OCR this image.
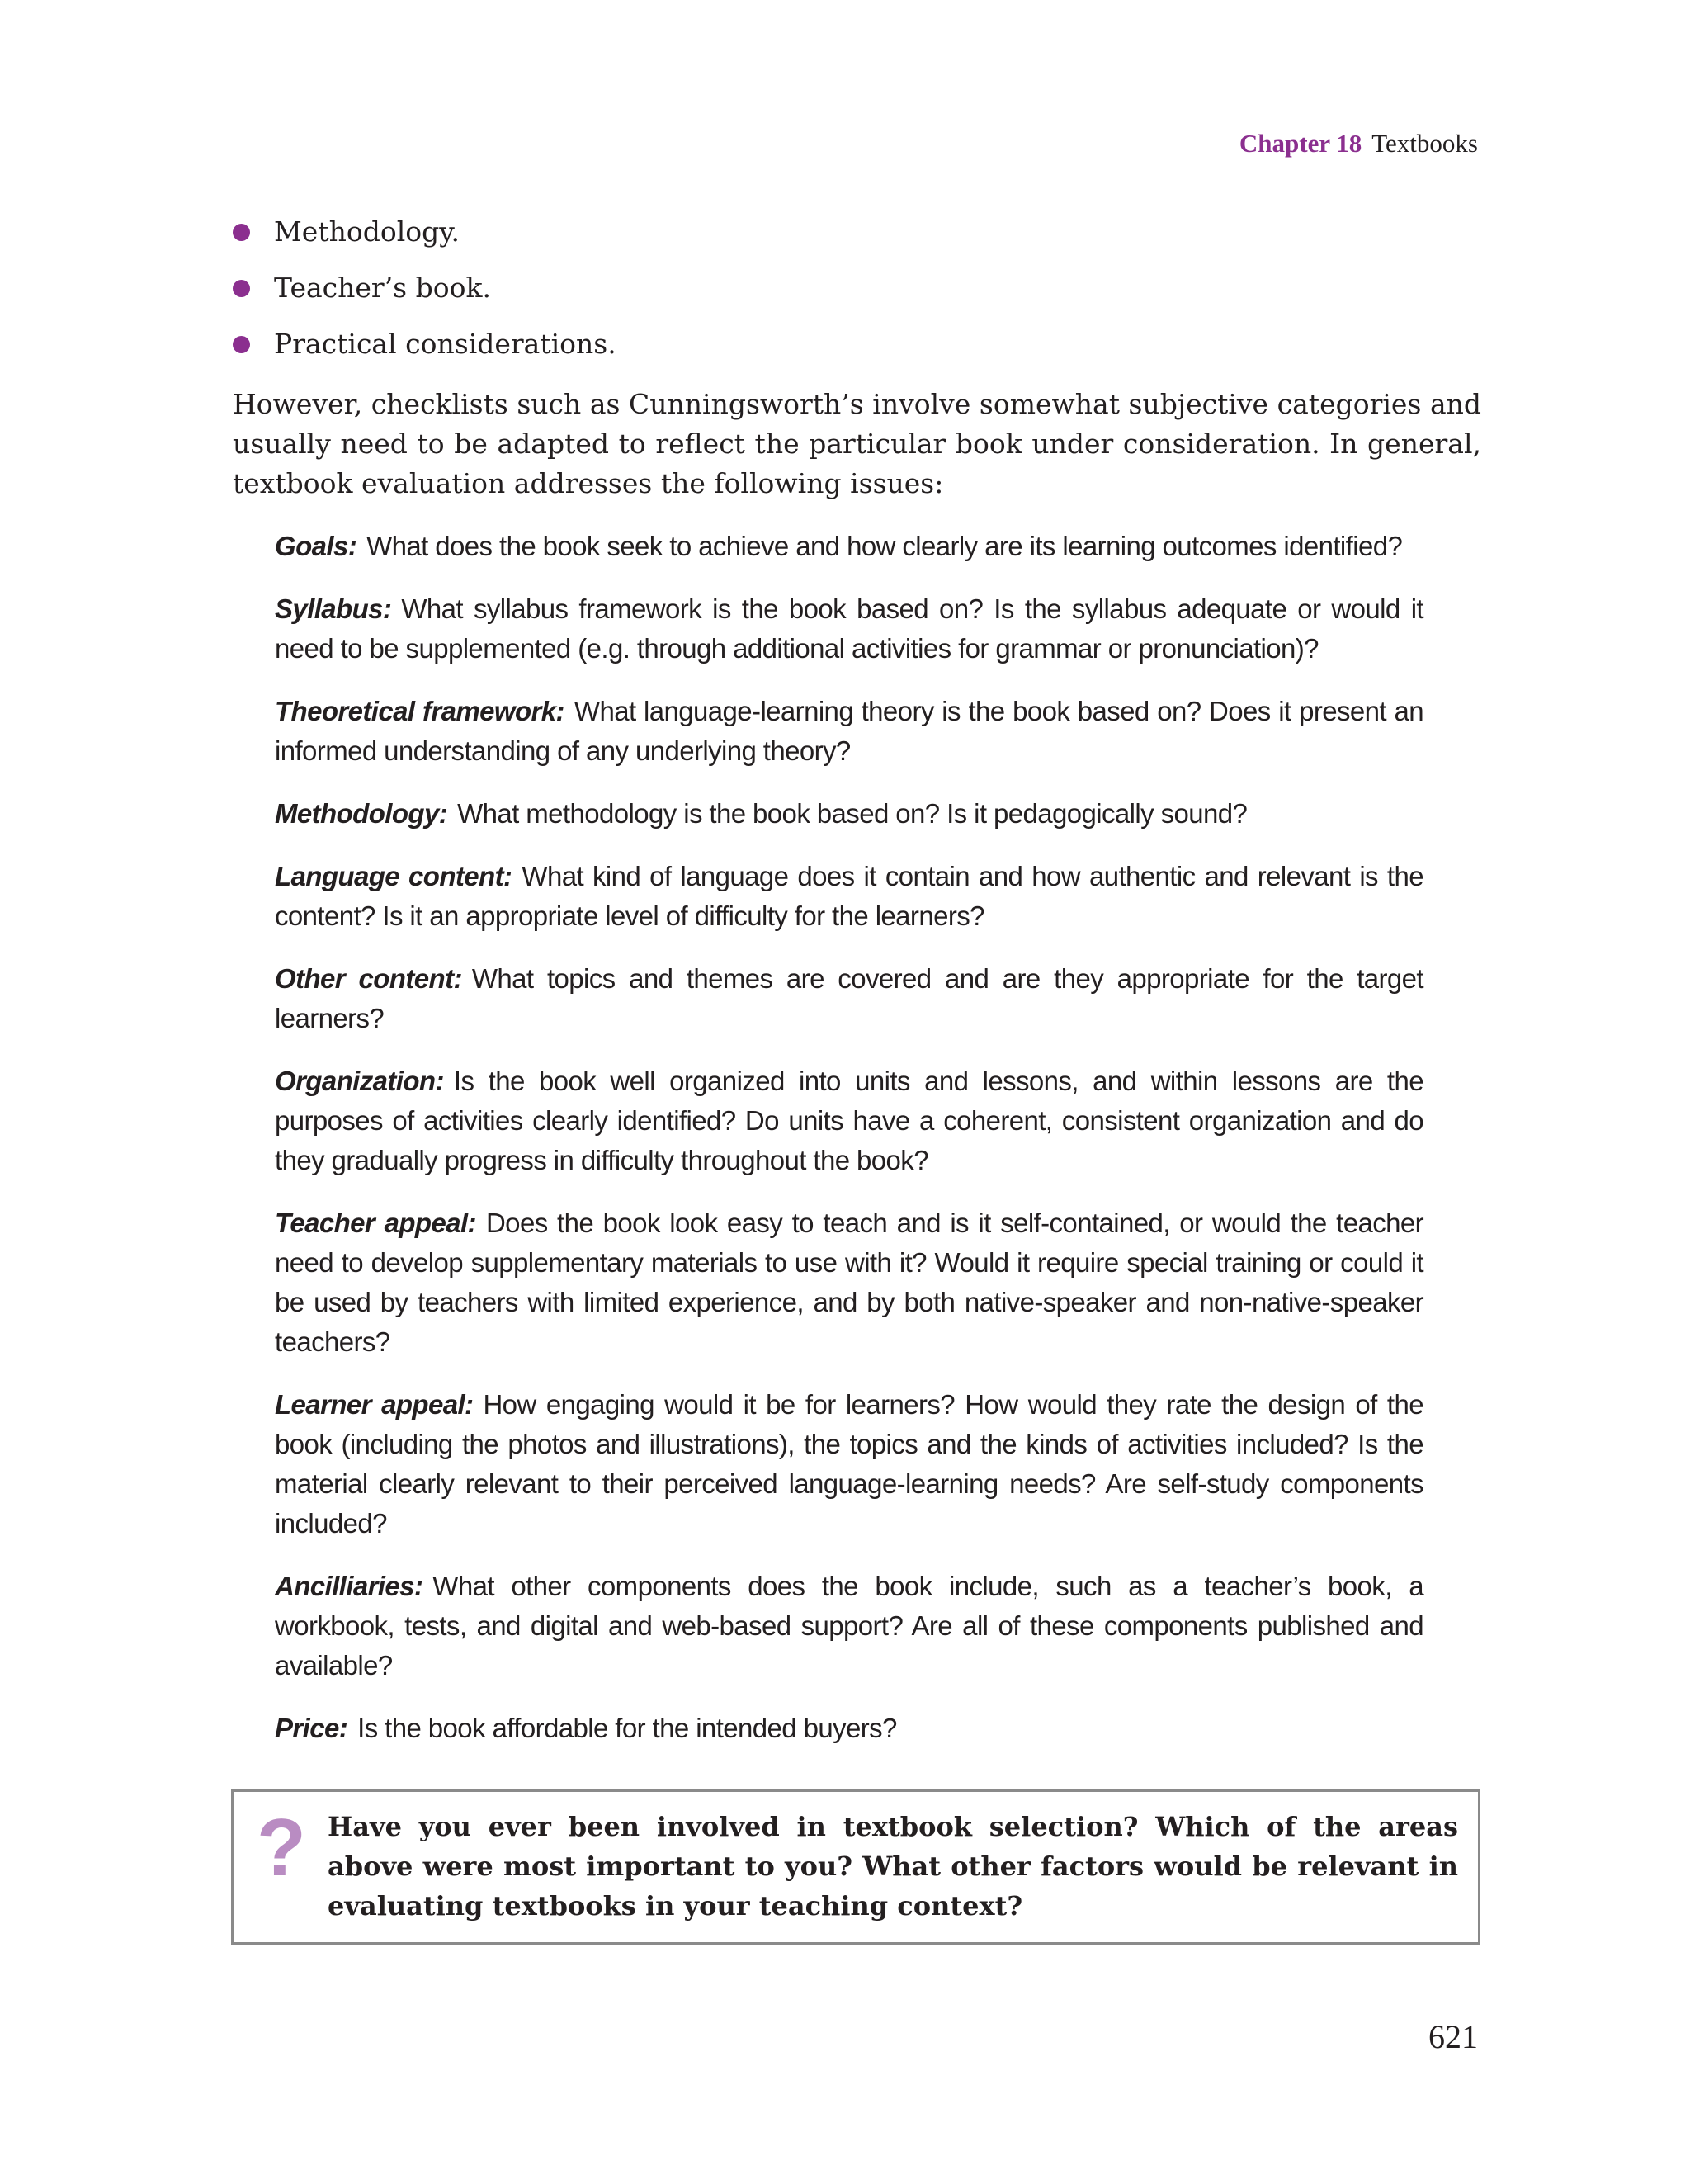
Chapter 18 Textbooks
Methodology.
Teacher’s book.
Practical considerations.

However, checklists such as Cunningsworth’s involve somewhat subjective categories and usually need to be adapted to reflect the particular book under consideration. In general, textbook evaluation addresses the following issues:

Goals: What does the book seek to achieve and how clearly are its learning outcomes identified?

Syllabus: What syllabus framework is the book based on? Is the syllabus adequate or would it need to be supplemented (e.g. through additional activities for grammar or pronunciation)?

Theoretical framework: What language-learning theory is the book based on? Does it present an informed understanding of any underlying theory?

Methodology: What methodology is the book based on? Is it pedagogically sound?

Language content: What kind of language does it contain and how authentic and relevant is the content? Is it an appropriate level of difficulty for the learners?

Other content: What topics and themes are covered and are they appropriate for the target learners?

Organization: Is the book well organized into units and lessons, and within lessons are the purposes of activities clearly identified? Do units have a coherent, consistent organization and do they gradually progress in difficulty throughout the book?

Teacher appeal: Does the book look easy to teach and is it self-contained, or would the teacher need to develop supplementary materials to use with it? Would it require special training or could it be used by teachers with limited experience, and by both native-speaker and non-native-speaker teachers?

Learner appeal: How engaging would it be for learners? How would they rate the design of the book (including the photos and illustrations), the topics and the kinds of activities included? Is the material clearly relevant to their perceived language-learning needs? Are self-study components included?

Ancilliaries: What other components does the book include, such as a teacher’s book, a workbook, tests, and digital and web-based support? Are all of these components published and available?

Price: Is the book affordable for the intended buyers?

? Have you ever been involved in textbook selection? Which of the areas above were most important to you? What other factors would be relevant in evaluating textbooks in your teaching context?

621
